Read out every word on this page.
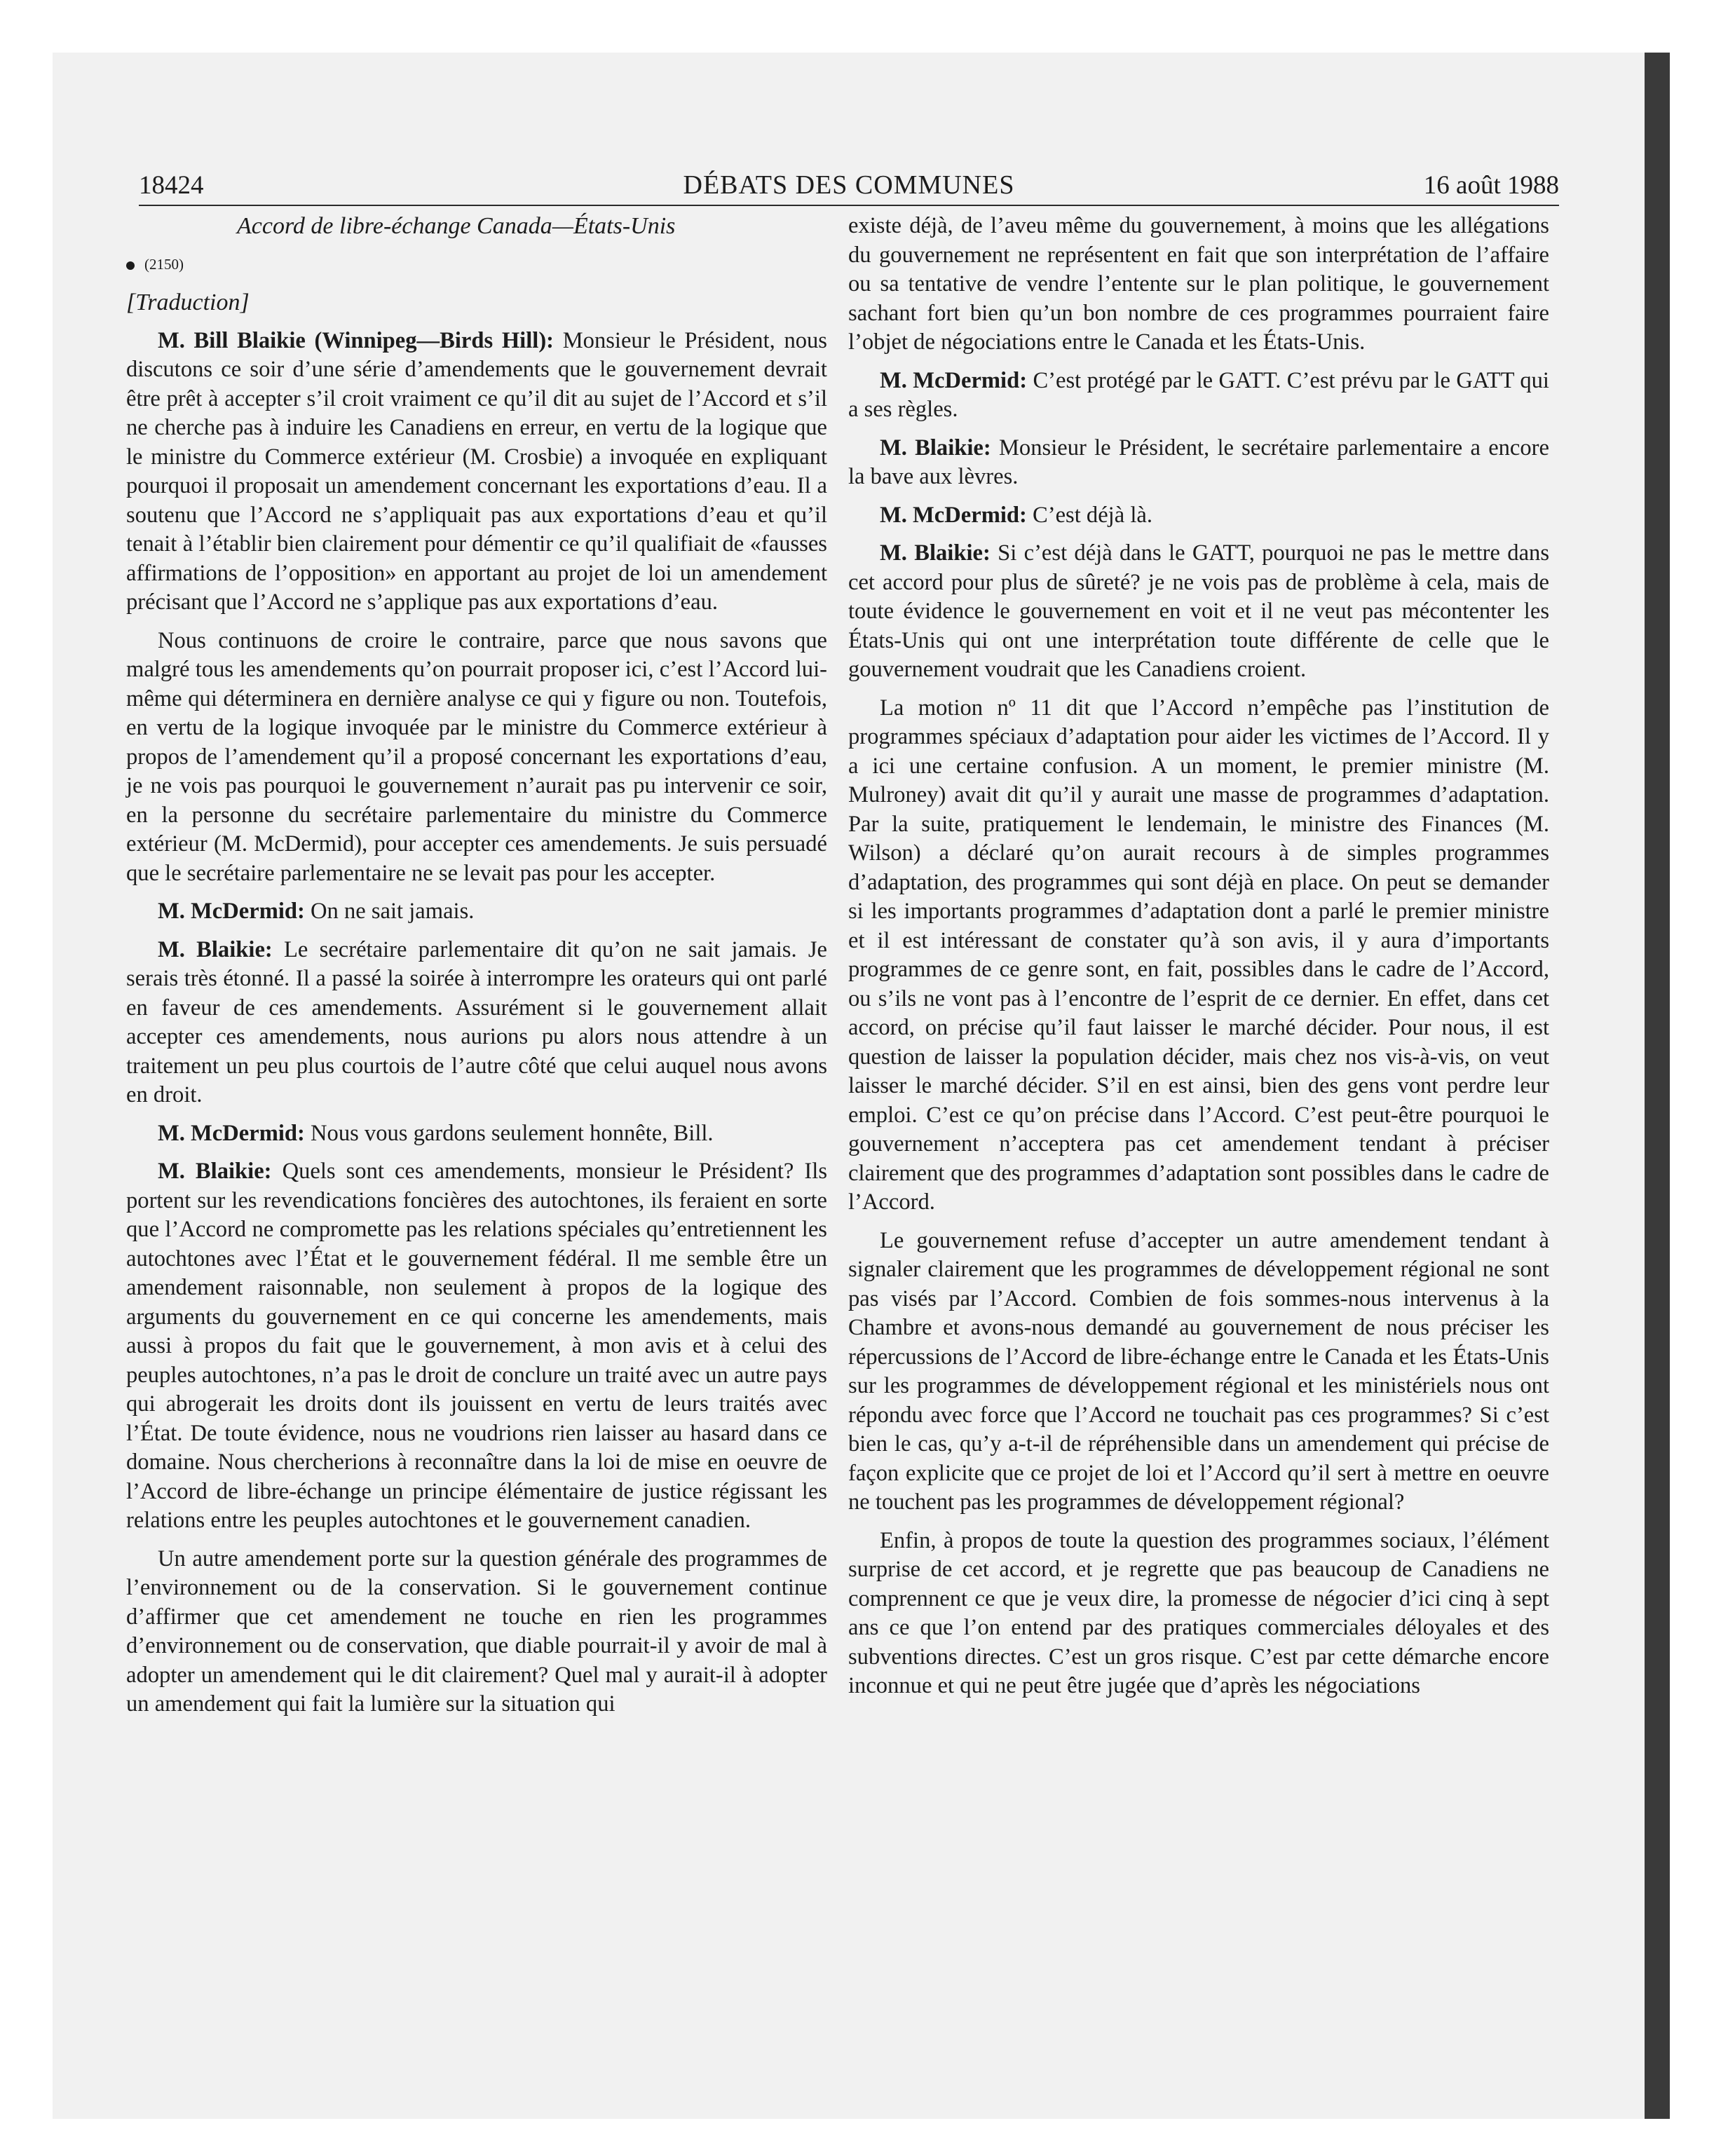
18424	DÉBATS DES COMMUNES	16 août 1988

Accord de libre-échange Canada—États-Unis

(2150)

[Traduction]

M. Bill Blaikie (Winnipeg—Birds Hill): Monsieur le Président, nous discutons ce soir d’une série d’amendements que le gouvernement devrait être prêt à accepter s’il croit vraiment ce qu’il dit au sujet de l’Accord et s’il ne cherche pas à induire les Canadiens en erreur, en vertu de la logique que le ministre du Commerce extérieur (M. Crosbie) a invoquée en expliquant pourquoi il proposait un amendement concernant les exportations d’eau. Il a soutenu que l’Accord ne s’appliquait pas aux exportations d’eau et qu’il tenait à l’établir bien clairement pour démentir ce qu’il qualifiait de «fausses affirmations de l’opposition» en apportant au projet de loi un amendement précisant que l’Accord ne s’applique pas aux exportations d’eau.

Nous continuons de croire le contraire, parce que nous savons que malgré tous les amendements qu’on pourrait proposer ici, c’est l’Accord lui-même qui déterminera en dernière analyse ce qui y figure ou non. Toutefois, en vertu de la logique invoquée par le ministre du Commerce extérieur à propos de l’amendement qu’il a proposé concernant les exportations d’eau, je ne vois pas pourquoi le gouvernement n’aurait pas pu intervenir ce soir, en la personne du secrétaire parlementaire du ministre du Commerce extérieur (M. McDermid), pour accepter ces amendements. Je suis persuadé que le secrétaire parlementaire ne se levait pas pour les accepter.

M. McDermid: On ne sait jamais.

M. Blaikie: Le secrétaire parlementaire dit qu’on ne sait jamais. Je serais très étonné. Il a passé la soirée à interrompre les orateurs qui ont parlé en faveur de ces amendements. Assurément si le gouvernement allait accepter ces amendements, nous aurions pu alors nous attendre à un traitement un peu plus courtois de l’autre côté que celui auquel nous avons en droit.

M. McDermid: Nous vous gardons seulement honnête, Bill.

M. Blaikie: Quels sont ces amendements, monsieur le Président? Ils portent sur les revendications foncières des autochtones, ils feraient en sorte que l’Accord ne compromette pas les relations spéciales qu’entretiennent les autochtones avec l’État et le gouvernement fédéral. Il me semble être un amendement raisonnable, non seulement à propos de la logique des arguments du gouvernement en ce qui concerne les amendements, mais aussi à propos du fait que le gouvernement, à mon avis et à celui des peuples autochtones, n’a pas le droit de conclure un traité avec un autre pays qui abrogerait les droits dont ils jouissent en vertu de leurs traités avec l’État. De toute évidence, nous ne voudrions rien laisser au hasard dans ce domaine. Nous chercherions à reconnaître dans la loi de mise en oeuvre de l’Accord de libre-échange un principe élémentaire de justice régissant les relations entre les peuples autochtones et le gouvernement canadien.

Un autre amendement porte sur la question générale des programmes de l’environnement ou de la conservation. Si le gouvernement continue d’affirmer que cet amendement ne touche en rien les programmes d’environnement ou de conservation, que diable pourrait-il y avoir de mal à adopter un amendement qui le dit clairement? Quel mal y aurait-il à adopter un amendement qui fait la lumière sur la situation qui

existe déjà, de l’aveu même du gouvernement, à moins que les allégations du gouvernement ne représentent en fait que son interprétation de l’affaire ou sa tentative de vendre l’entente sur le plan politique, le gouvernement sachant fort bien qu’un bon nombre de ces programmes pourraient faire l’objet de négociations entre le Canada et les États-Unis.

M. McDermid: C’est protégé par le GATT. C’est prévu par le GATT qui a ses règles.

M. Blaikie: Monsieur le Président, le secrétaire parlementaire a encore la bave aux lèvres.

M. McDermid: C’est déjà là.

M. Blaikie: Si c’est déjà dans le GATT, pourquoi ne pas le mettre dans cet accord pour plus de sûreté? je ne vois pas de problème à cela, mais de toute évidence le gouvernement en voit et il ne veut pas mécontenter les États-Unis qui ont une interprétation toute différente de celle que le gouvernement voudrait que les Canadiens croient.

La motion nº 11 dit que l’Accord n’empêche pas l’institution de programmes spéciaux d’adaptation pour aider les victimes de l’Accord. Il y a ici une certaine confusion. A un moment, le premier ministre (M. Mulroney) avait dit qu’il y aurait une masse de programmes d’adaptation. Par la suite, pratiquement le lendemain, le ministre des Finances (M. Wilson) a déclaré qu’on aurait recours à de simples programmes d’adaptation, des programmes qui sont déjà en place. On peut se demander si les importants programmes d’adaptation dont a parlé le premier ministre et il est intéressant de constater qu’à son avis, il y aura d’importants programmes de ce genre sont, en fait, possibles dans le cadre de l’Accord, ou s’ils ne vont pas à l’encontre de l’esprit de ce dernier. En effet, dans cet accord, on précise qu’il faut laisser le marché décider. Pour nous, il est question de laisser la population décider, mais chez nos vis-à-vis, on veut laisser le marché décider. S’il en est ainsi, bien des gens vont perdre leur emploi. C’est ce qu’on précise dans l’Accord. C’est peut-être pourquoi le gouvernement n’acceptera pas cet amendement tendant à préciser clairement que des programmes d’adaptation sont possibles dans le cadre de l’Accord.

Le gouvernement refuse d’accepter un autre amendement tendant à signaler clairement que les programmes de développement régional ne sont pas visés par l’Accord. Combien de fois sommes-nous intervenus à la Chambre et avons-nous demandé au gouvernement de nous préciser les répercussions de l’Accord de libre-échange entre le Canada et les États-Unis sur les programmes de développement régional et les ministériels nous ont répondu avec force que l’Accord ne touchait pas ces programmes? Si c’est bien le cas, qu’y a-t-il de répréhensible dans un amendement qui précise de façon explicite que ce projet de loi et l’Accord qu’il sert à mettre en oeuvre ne touchent pas les programmes de développement régional?

Enfin, à propos de toute la question des programmes sociaux, l’élément surprise de cet accord, et je regrette que pas beaucoup de Canadiens ne comprennent ce que je veux dire, la promesse de négocier d’ici cinq à sept ans ce que l’on entend par des pratiques commerciales déloyales et des subventions directes. C’est un gros risque. C’est par cette démarche encore inconnue et qui ne peut être jugée que d’après les négociations
